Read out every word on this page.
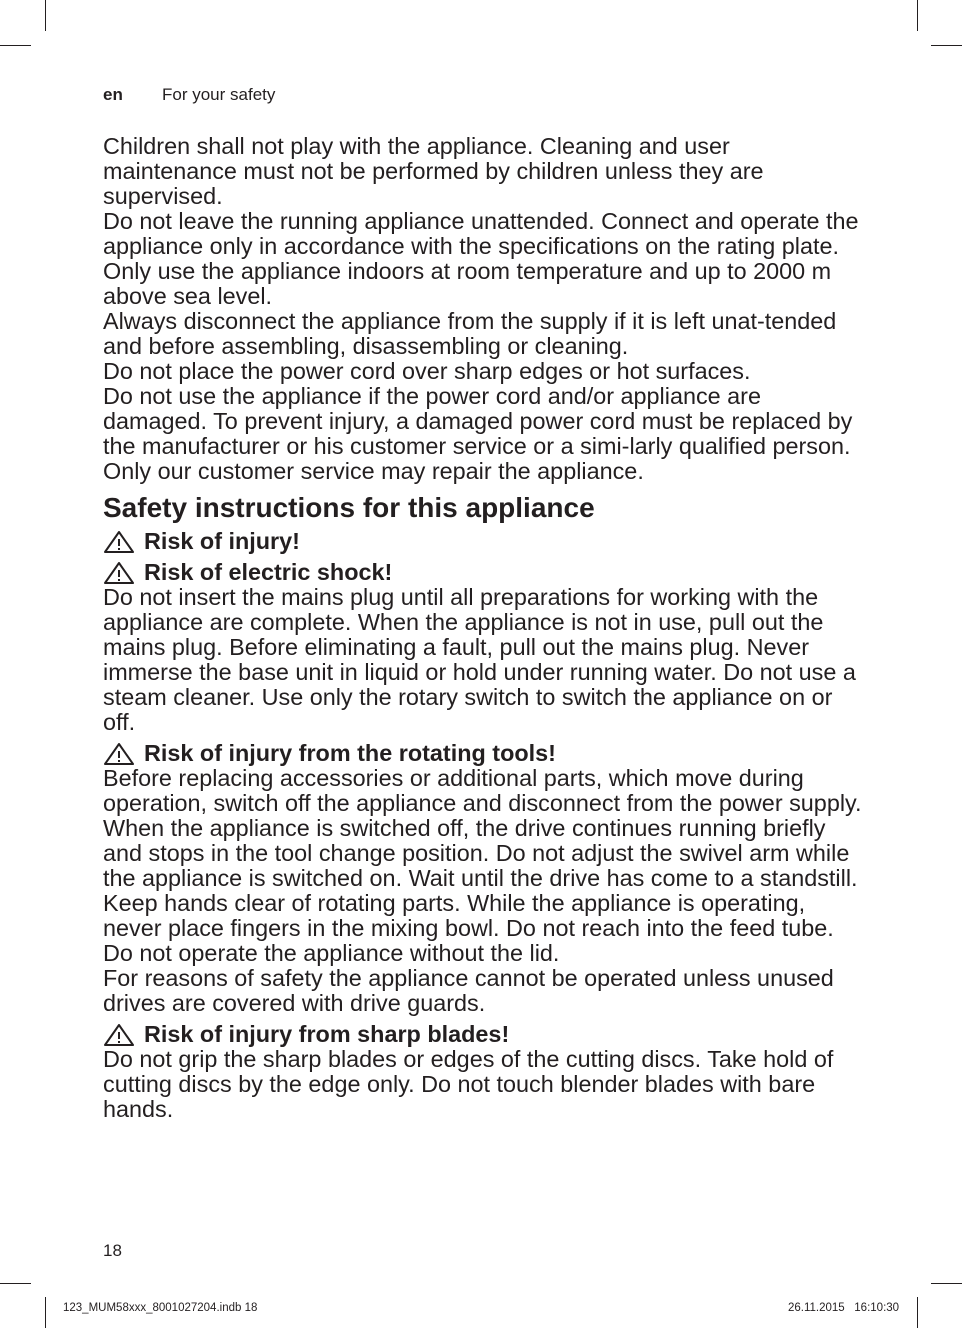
en For your safety

Children shall not play with the appliance. Cleaning and user maintenance must not be performed by children unless they are supervised.

Do not leave the running appliance unattended. Connect and operate the appliance only in accordance with the specifications on the rating plate. Only use the appliance indoors at room temperature and up to 2000 m above sea level.

Always disconnect the appliance from the supply if it is left unat-tended and before assembling, disassembling or cleaning.

Do not place the power cord over sharp edges or hot surfaces.

Do not use the appliance if the power cord and/or appliance are damaged. To prevent injury, a damaged power cord must be replaced by the manufacturer or his customer service or a simi-larly qualified person. Only our customer service may repair the appliance.

Safety instructions for this appliance
Risk of injury!
Risk of electric shock!

Do not insert the mains plug until all preparations for working with the appliance are complete. When the appliance is not in use, pull out the mains plug. Before eliminating a fault, pull out the mains plug. Never immerse the base unit in liquid or hold under running water. Do not use a steam cleaner. Use only the rotary switch to switch the appliance on or off.

Risk of injury from the rotating tools!

Before replacing accessories or additional parts, which move during operation, switch off the appliance and disconnect from the power supply. When the appliance is switched off, the drive continues running briefly and stops in the tool change position. Do not adjust the swivel arm while the appliance is switched on. Wait until the drive has come to a standstill.

Keep hands clear of rotating parts. While the appliance is operating, never place fingers in the mixing bowl. Do not reach into the feed tube. Do not operate the appliance without the lid.

For reasons of safety the appliance cannot be operated unless unused drives are covered with drive guards.

Risk of injury from sharp blades!

Do not grip the sharp blades or edges of the cutting discs. Take hold of cutting discs by the edge only. Do not touch blender blades with bare hands.

18
123_MUM58xxx_8001027204.indb 18	26.11.2015   16:10:30
